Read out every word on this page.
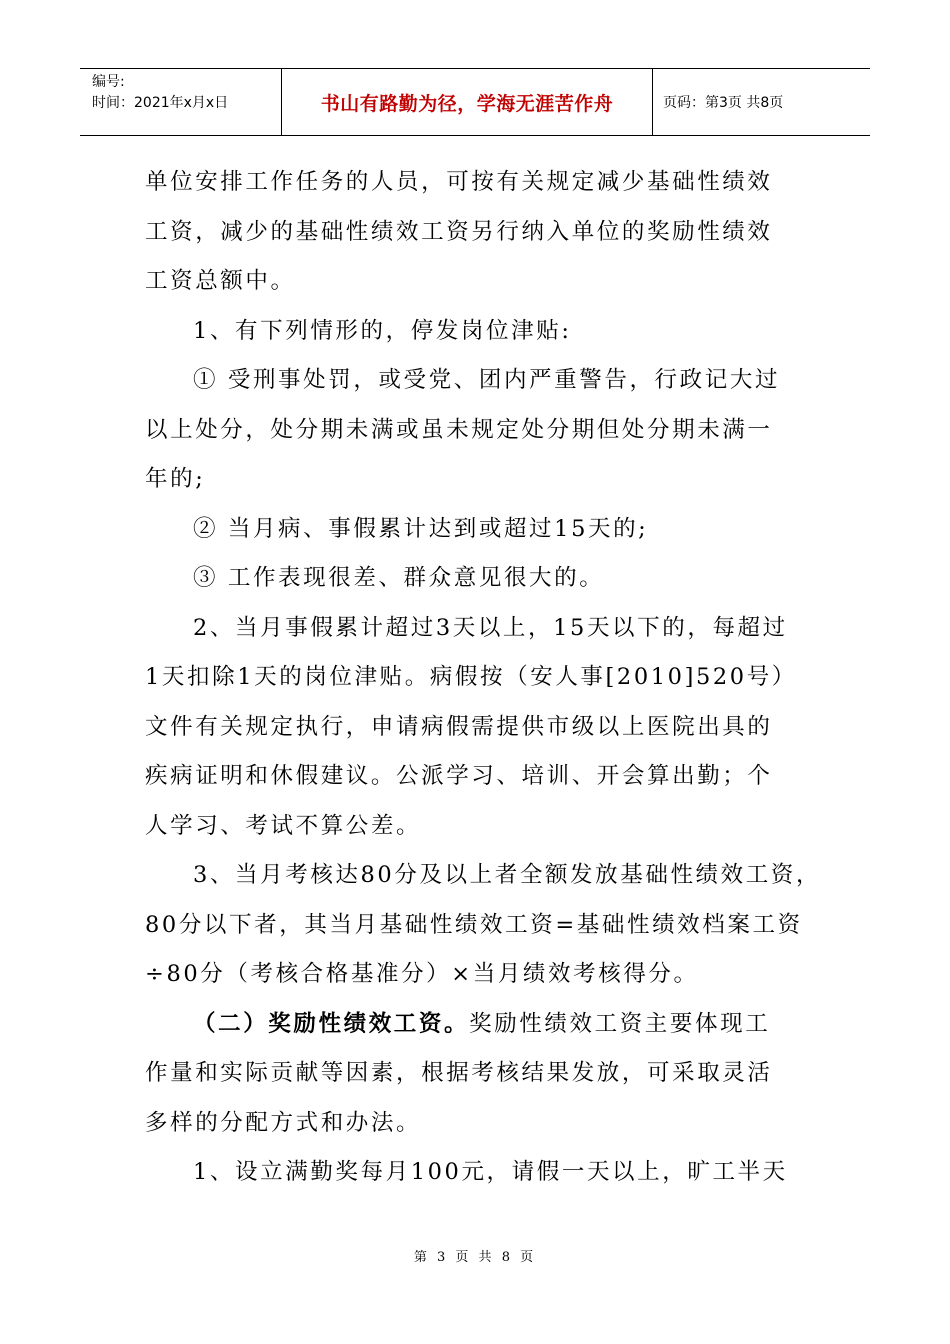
编号:
时间：2021年x月x日	书山有路勤为径，学海无涯苦作舟	页码：第3页 共8页
单位安排工作任务的人员，可按有关规定减少基础性绩效
工资，减少的基础性绩效工资另行纳入单位的奖励性绩效
工资总额中。
1、有下列情形的，停发岗位津贴:
① 受刑事处罚，或受党、团内严重警告，行政记大过
以上处分，处分期未满或虽未规定处分期但处分期未满一
年的;
② 当月病、事假累计达到或超过15天的;
③ 工作表现很差、群众意见很大的。
2、当月事假累计超过3天以上，15天以下的，每超过
1天扣除1天的岗位津贴。病假按（安人事[2010]520号）
文件有关规定执行，申请病假需提供市级以上医院出具的
疾病证明和休假建议。公派学习、培训、开会算出勤；个
人学习、考试不算公差。
3、当月考核达80分及以上者全额发放基础性绩效工资，
80分以下者，其当月基础性绩效工资=基础性绩效档案工资
÷80分（考核合格基准分）×当月绩效考核得分。
（二）奖励性绩效工资。奖励性绩效工资主要体现工
作量和实际贡献等因素，根据考核结果发放，可采取灵活
多样的分配方式和办法。
1、设立满勤奖每月100元，请假一天以上，旷工半天
第 3 页 共 8 页
